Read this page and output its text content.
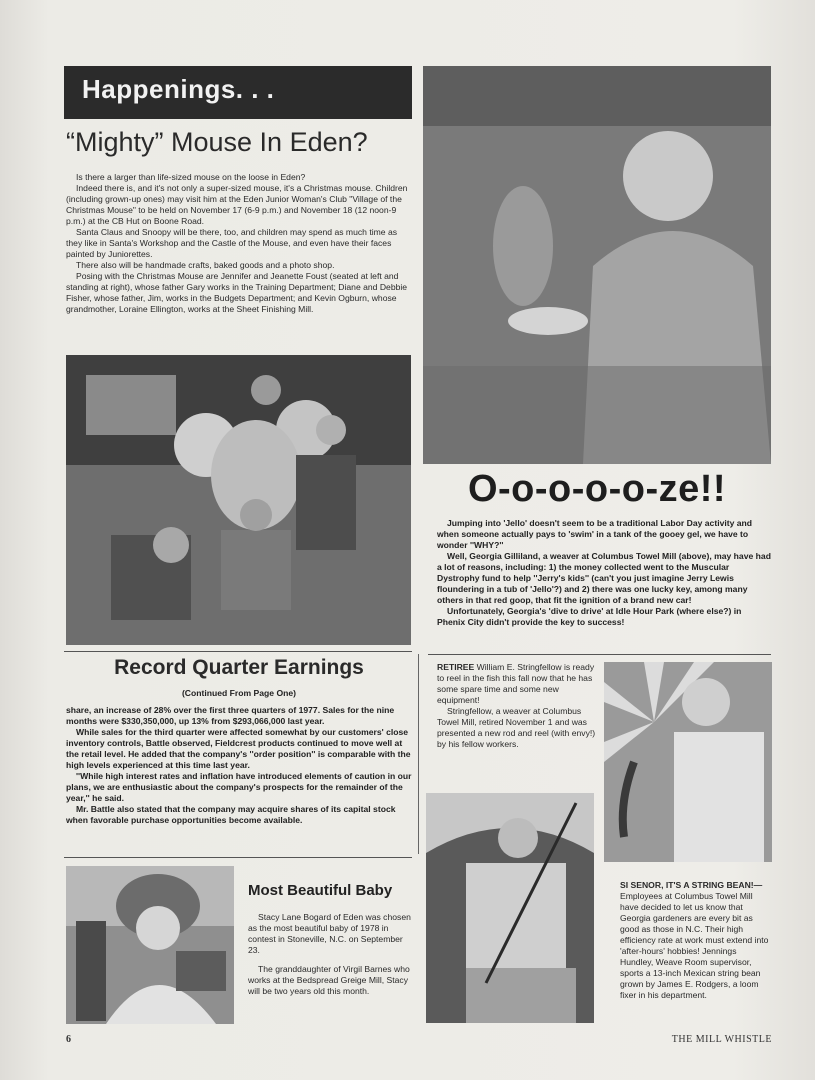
Happenings. . .
“Mighty” Mouse In Eden?

Is there a larger than life-sized mouse on the loose in Eden?

Indeed there is, and it's not only a super-sized mouse, it's a Christmas mouse. Children (including grown-up ones) may visit him at the Eden Junior Woman's Club "Village of the Christmas Mouse" to be held on November 17 (6-9 p.m.) and November 18 (12 noon-9 p.m.) at the CB Hut on Boone Road.

Santa Claus and Snoopy will be there, too, and children may spend as much time as they like in Santa's Workshop and the Castle of the Mouse, and even have their faces painted by Juniorettes.

There also will be handmade crafts, baked goods and a photo shop.

Posing with the Christmas Mouse are Jennifer and Jeanette Foust (seated at left and standing at right), whose father Gary works in the Training Department; Diane and Debbie Fisher, whose father, Jim, works in the Budgets Department; and Kevin Ogburn, whose grandmother, Loraine Ellington, works at the Sheet Finishing Mill.

O-o-o-o-o-ze!!

Jumping into 'Jello' doesn't seem to be a traditional Labor Day activity and when someone actually pays to 'swim' in a tank of the gooey gel, we have to wonder ''WHY?''

Well, Georgia Gilliland, a weaver at Columbus Towel Mill (above), may have had a lot of reasons, including: 1) the money collected went to the Muscular Dystrophy fund to help ''Jerry's kids'' (can't you just imagine Jerry Lewis floundering in a tub of 'Jello'?) and 2) there was one lucky key, among many others in that red goop, that fit the ignition of a brand new car!

Unfortunately, Georgia's 'dive to drive' at Idle Hour Park (where else?) in Phenix City didn't provide the key to success!

Record Quarter Earnings
(Continued From Page One)

share, an increase of 28% over the first three quarters of 1977. Sales for the nine months were $330,350,000, up 13% from $293,066,000 last year.

While sales for the third quarter were affected somewhat by our customers' close inventory controls, Battle observed, Fieldcrest products continued to move well at the retail level. He added that the company's ''order position'' is comparable with the high levels experienced at this time last year.

''While high interest rates and inflation have introduced elements of caution in our plans, we are enthusiastic about the company's prospects for the remainder of the year,'' he said.

Mr. Battle also stated that the company may acquire shares of its capital stock when favorable purchase opportunities become available.

Most Beautiful Baby

Stacy Lane Bogard of Eden was chosen as the most beautiful baby of 1978 in contest in Stoneville, N.C. on September 23.

The granddaughter of Virgil Barnes who works at the Bedspread Greige Mill, Stacy will be two years old this month.

RETIREE William E. Stringfellow is ready to reel in the fish this fall now that he has some spare time and some new equipment!

Stringfellow, a weaver at Columbus Towel Mill, retired November 1 and was presented a new rod and reel (with envy!) by his fellow workers.

SI SENOR, IT'S A STRING BEAN!—Employees at Columbus Towel Mill have decided to let us know that Georgia gardeners are every bit as good as those in N.C. Their high efficiency rate at work must extend into 'after-hours' hobbies! Jennings Hundley, Weave Room supervisor, sports a 13-inch Mexican string bean grown by James E. Rodgers, a loom fixer in his department.
6	THE MILL WHISTLE
